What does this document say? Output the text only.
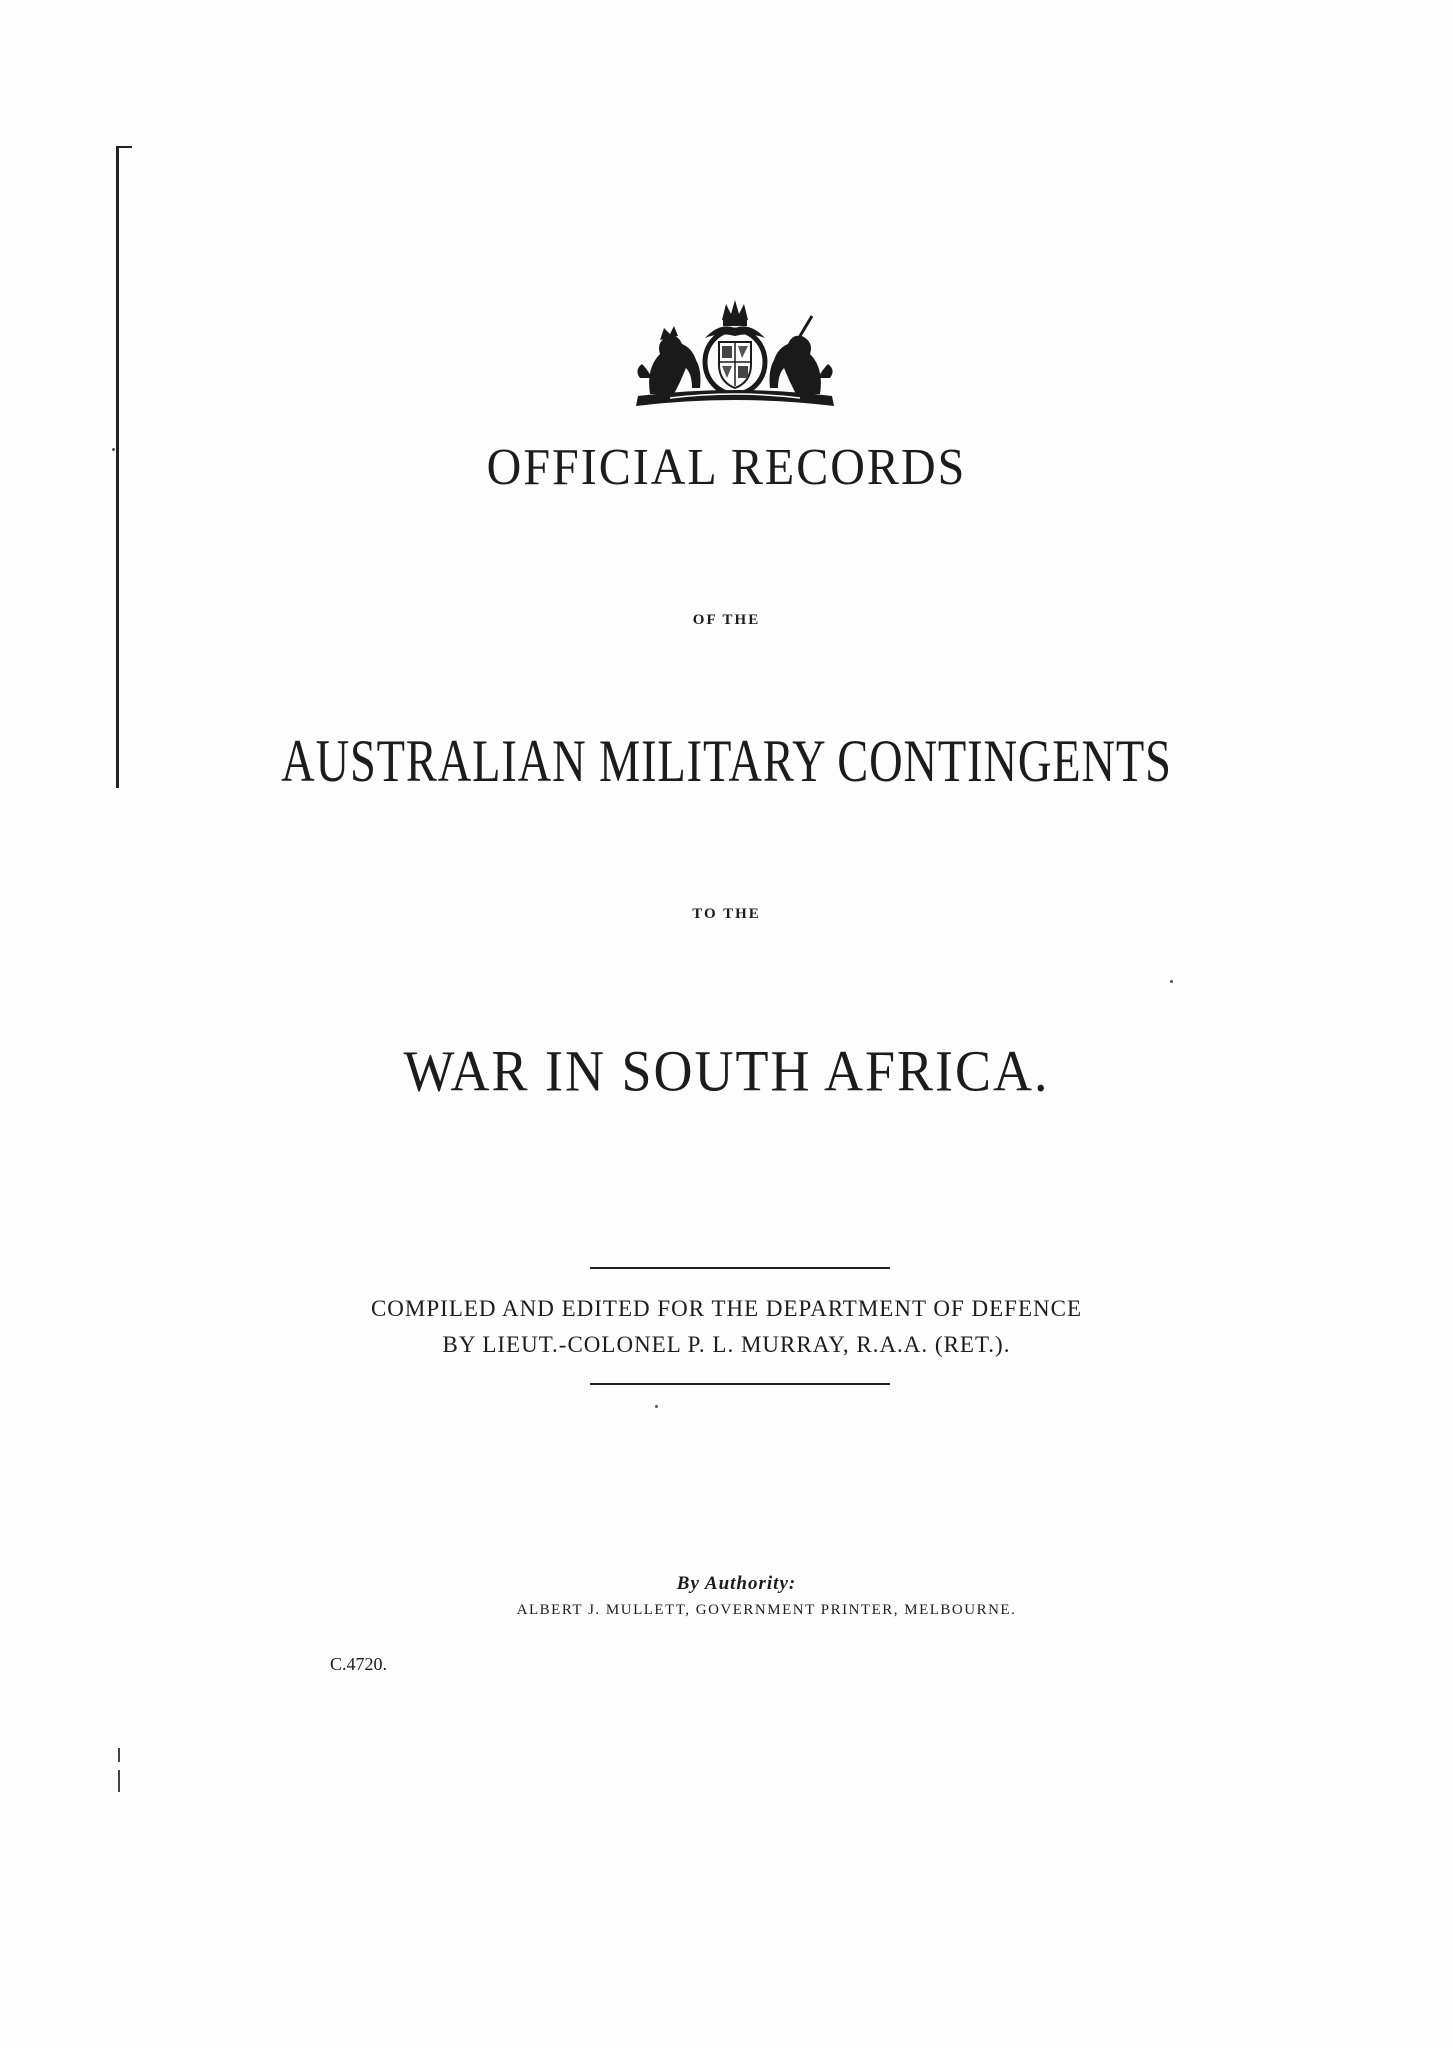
OFFICIAL RECORDS
OF THE
AUSTRALIAN MILITARY CONTINGENTS
TO THE
WAR IN SOUTH AFRICA.
COMPILED AND EDITED FOR THE DEPARTMENT OF DEFENCE
BY LIEUT.-COLONEL P. L. MURRAY, R.A.A. (RET.).
By Authority:
ALBERT J. MULLETT, GOVERNMENT PRINTER, MELBOURNE.
C.4720.
